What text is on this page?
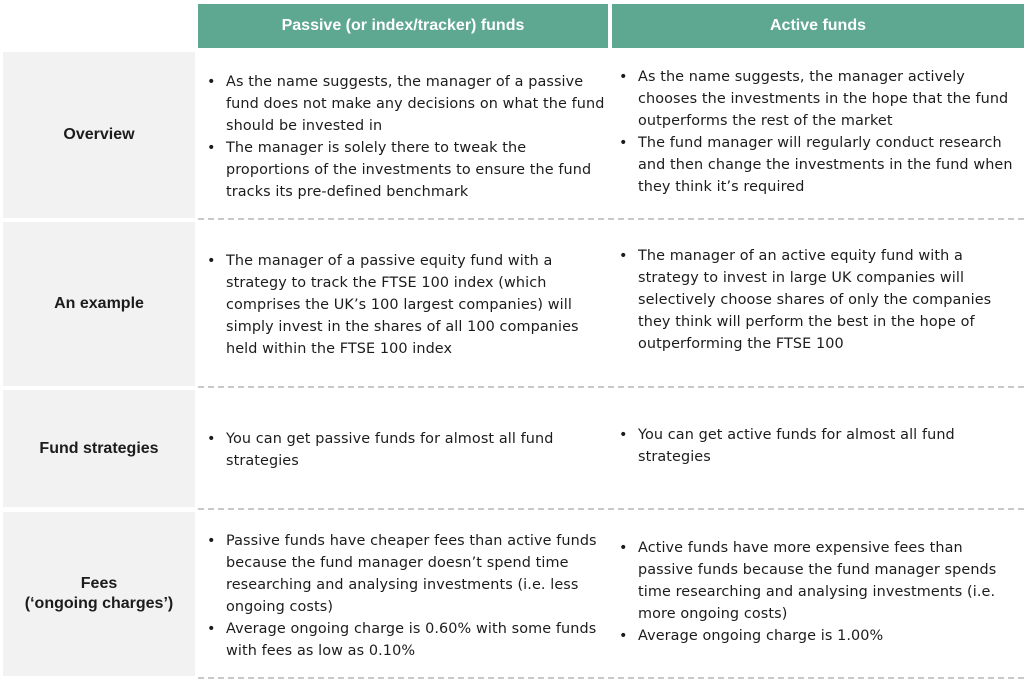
Passive (or index/tracker) funds	Active funds
Overview
• As the name suggests, the manager of a passive fund does not make any decisions on what the fund should be invested in
• The manager is solely there to tweak the proportions of the investments to ensure the fund tracks its pre-defined benchmark
• As the name suggests, the manager actively chooses the investments in the hope that the fund outperforms the rest of the market
• The fund manager will regularly conduct research and then change the investments in the fund when they think it’s required
An example
• The manager of a passive equity fund with a strategy to track the FTSE 100 index (which comprises the UK’s 100 largest companies) will simply invest in the shares of all 100 companies held within the FTSE 100 index
• The manager of an active equity fund with a strategy to invest in large UK companies will selectively choose shares of only the companies they think will perform the best in the hope of outperforming the FTSE 100
Fund strategies
• You can get passive funds for almost all fund strategies
• You can get active funds for almost all fund strategies
Fees
(‘ongoing charges’)
• Passive funds have cheaper fees than active funds because the fund manager doesn’t spend time researching and analysing investments (i.e. less ongoing costs)
• Average ongoing charge is 0.60% with some funds with fees as low as 0.10%
• Active funds have more expensive fees than passive funds because the fund manager spends time researching and analysing investments (i.e. more ongoing costs)
• Average ongoing charge is 1.00%
